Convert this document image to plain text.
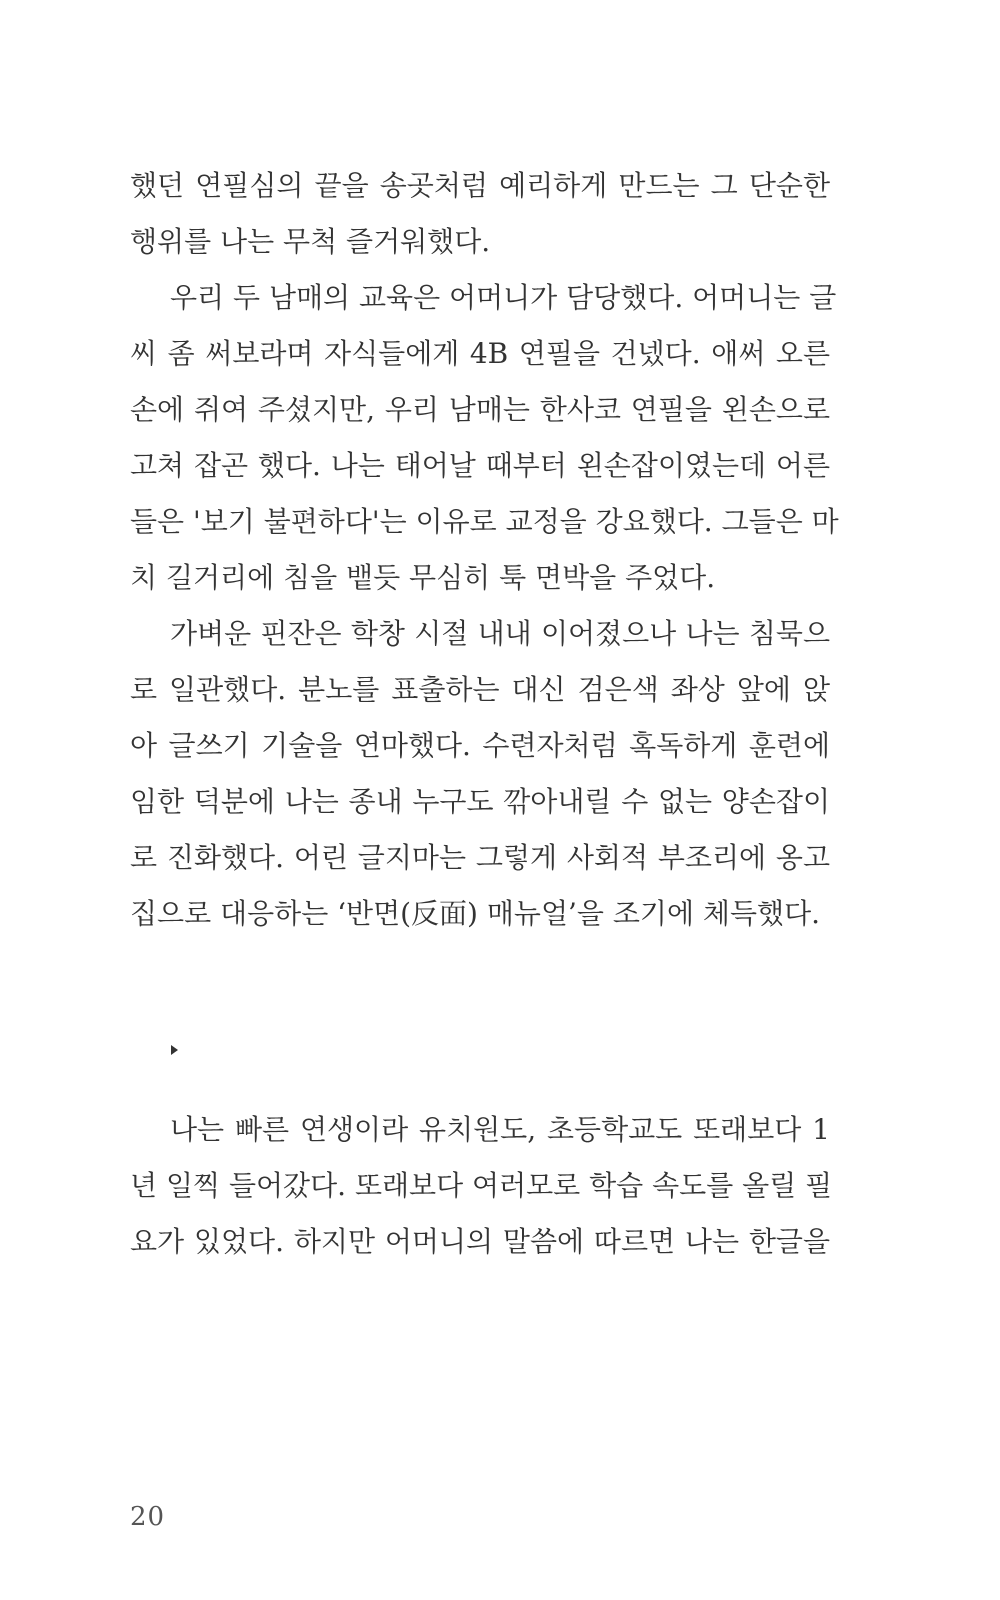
했던 연필심의 끝을 송곳처럼 예리하게 만드는 그 단순한
행위를 나는 무척 즐거워했다.
우리 두 남매의 교육은 어머니가 담당했다. 어머니는 글
씨 좀 써보라며 자식들에게 4B 연필을 건넸다. 애써 오른
손에 쥐여 주셨지만, 우리 남매는 한사코 연필을 왼손으로
고쳐 잡곤 했다. 나는 태어날 때부터 왼손잡이였는데 어른
들은 '보기 불편하다'는 이유로 교정을 강요했다. 그들은 마
치 길거리에 침을 뱉듯 무심히 툭 면박을 주었다.
가벼운 핀잔은 학창 시절 내내 이어졌으나 나는 침묵으
로 일관했다. 분노를 표출하는 대신 검은색 좌상 앞에 앉
아 글쓰기 기술을 연마했다. 수련자처럼 혹독하게 훈련에
임한 덕분에 나는 종내 누구도 깎아내릴 수 없는 양손잡이
로 진화했다. 어린 글지마는 그렇게 사회적 부조리에 옹고
집으로 대응하는 ‘반면(反面) 매뉴얼’을 조기에 체득했다.
나는 빠른 연생이라 유치원도, 초등학교도 또래보다 1
년 일찍 들어갔다. 또래보다 여러모로 학습 속도를 올릴 필
요가 있었다. 하지만 어머니의 말씀에 따르면 나는 한글을
20
